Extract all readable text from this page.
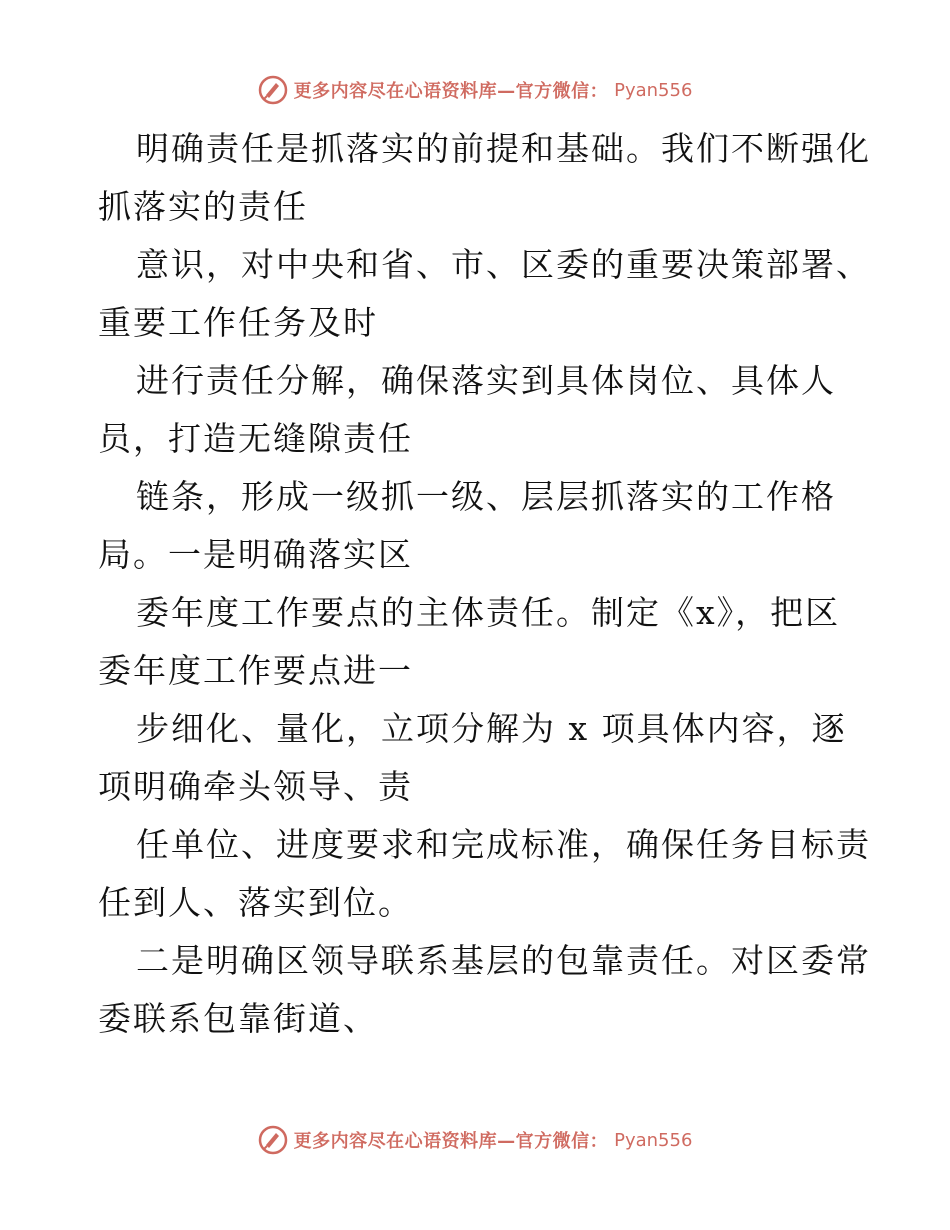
更多内容尽在心语资料库—官方微信： Pyan556

明确责任是抓落实的前提和基础。我们不断强化
抓落实的责任

意识，对中央和省、市、区委的重要决策部署、
重要工作任务及时

进行责任分解，确保落实到具体岗位、具体人
员，打造无缝隙责任

链条，形成一级抓一级、层层抓落实的工作格
局。一是明确落实区

委年度工作要点的主体责任。制定《x》，把区
委年度工作要点进一

步细化、量化，立项分解为 x 项具体内容，逐
项明确牵头领导、责

任单位、进度要求和完成标准，确保任务目标责
任到人、落实到位。

二是明确区领导联系基层的包靠责任。对区委常
委联系包靠街道、

更多内容尽在心语资料库—官方微信： Pyan556
